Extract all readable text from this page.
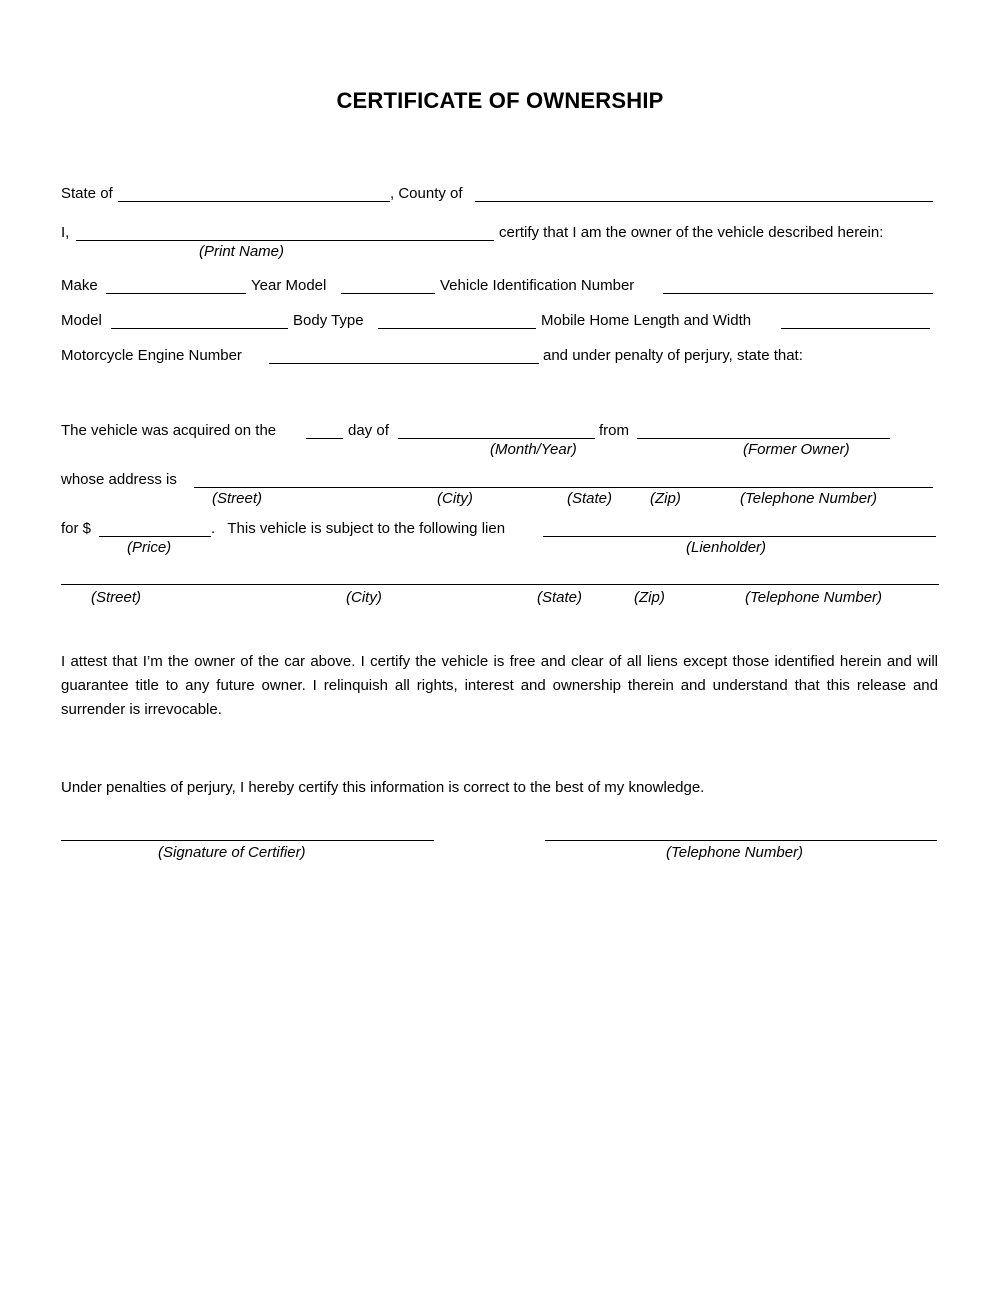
CERTIFICATE OF OWNERSHIP
State of	, County of
I,	certify that I am the owner of the vehicle described herein:
(Print Name)
Make	Year Model	Vehicle Identification Number
Model	Body Type	Mobile Home Length and Width
Motorcycle Engine Number	and under penalty of perjury, state that:
The vehicle was acquired on the	day of	from
(Month/Year)	(Former Owner)
whose address is
(Street)	(City)	(State)	(Zip)	(Telephone Number)
for $	.   This vehicle is subject to the following lien
(Price)	(Lienholder)
(Street)	(City)	(State)	(Zip)	(Telephone Number)
I attest that I’m the owner of the car above. I certify the vehicle is free and clear of all liens except those identified herein and will guarantee title to any future owner. I relinquish all rights, interest and ownership therein and understand that this release and surrender is irrevocable.
Under penalties of perjury, I hereby certify this information is correct to the best of my knowledge.
(Signature of Certifier)	(Telephone Number)
